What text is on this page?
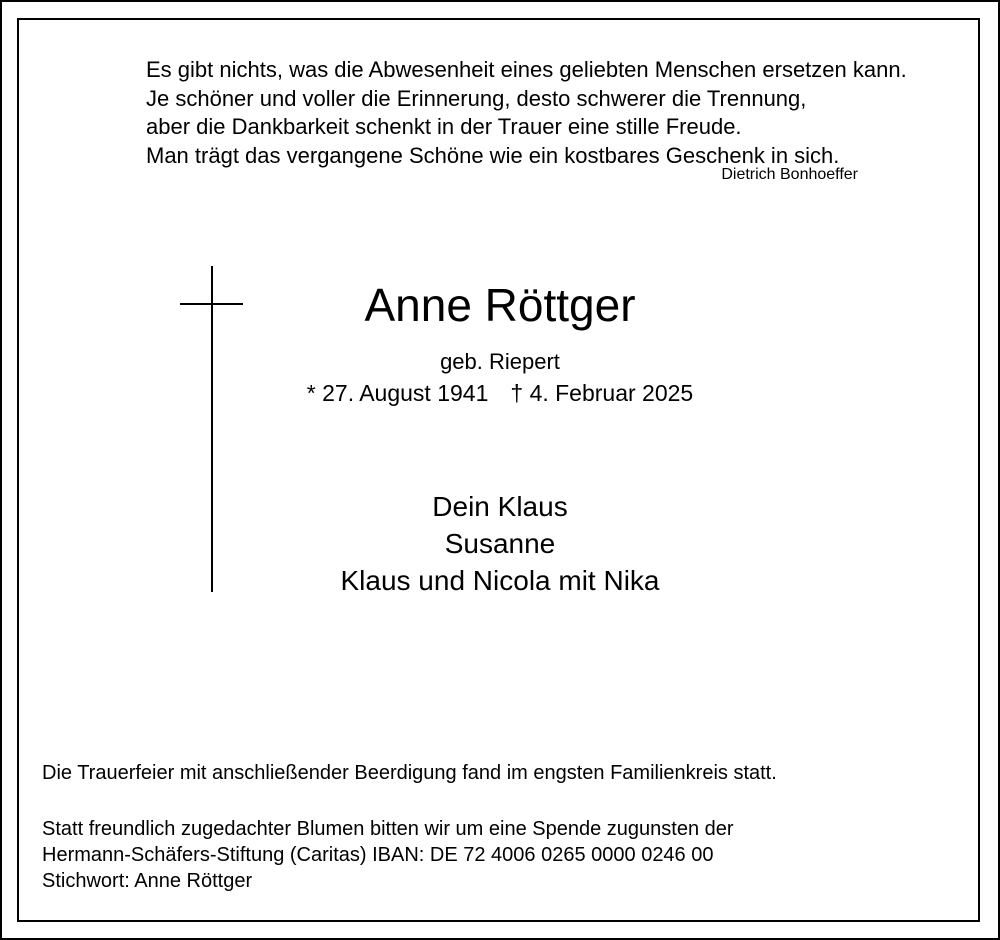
Es gibt nichts, was die Abwesenheit eines geliebten Menschen ersetzen kann.
Je schöner und voller die Erinnerung, desto schwerer die Trennung,
aber die Dankbarkeit schenkt in der Trauer eine stille Freude.
Man trägt das vergangene Schöne wie ein kostbares Geschenk in sich.
Dietrich Bonhoeffer
Anne Röttger
geb. Riepert
* 27. August 1941 † 4. Februar 2025
Dein Klaus
Susanne
Klaus und Nicola mit Nika
Die Trauerfeier mit anschließender Beerdigung fand im engsten Familienkreis statt.
Statt freundlich zugedachter Blumen bitten wir um eine Spende zugunsten der
Hermann-Schäfers-Stiftung (Caritas) IBAN: DE 72 4006 0265 0000 0246 00
Stichwort: Anne Röttger
